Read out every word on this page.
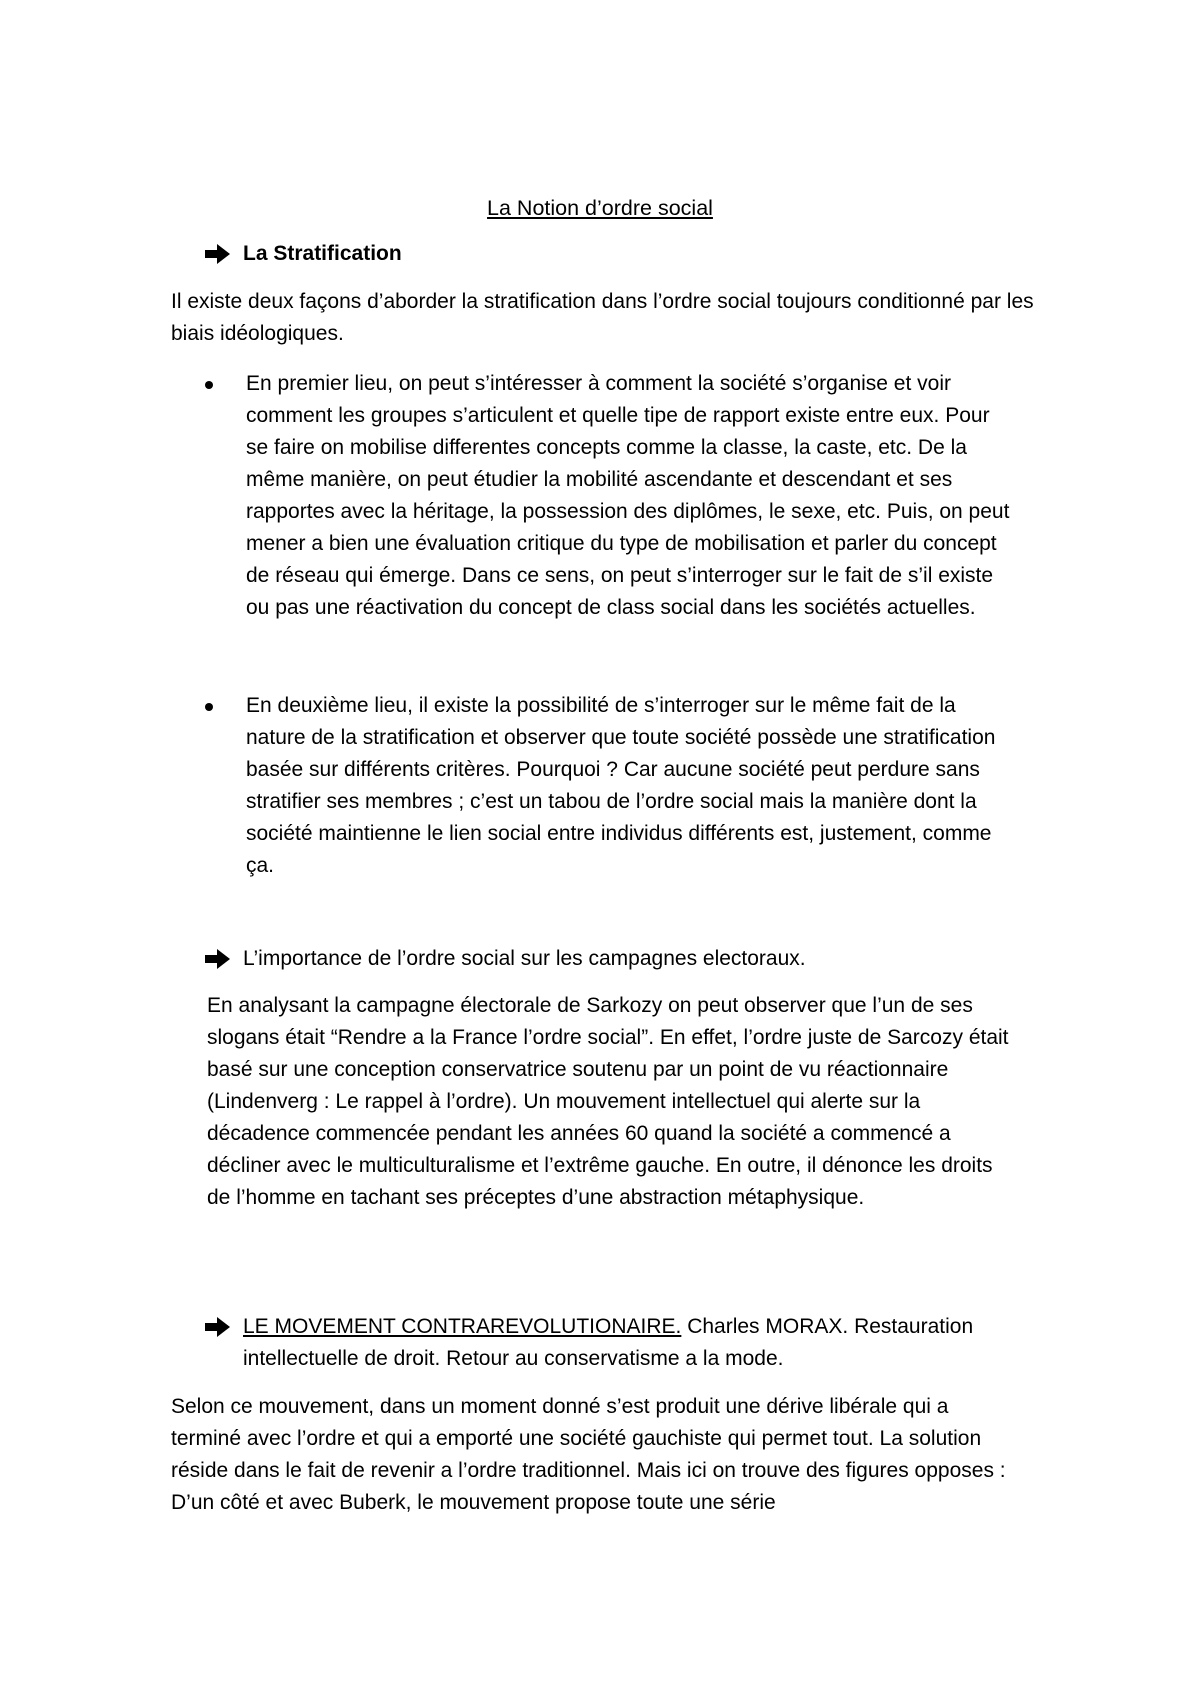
La Notion d’ordre social
La Stratification

Il existe deux façons d’aborder la stratification dans l’ordre social toujours conditionné par les biais idéologiques.

En premier lieu, on peut s’intéresser à comment la société s’organise et voir comment les groupes s’articulent et quelle tipe de rapport existe entre eux. Pour se faire on mobilise differentes concepts comme la classe, la caste, etc. De la même manière, on peut étudier la mobilité ascendante et descendant et ses rapportes avec la héritage, la possession des diplômes, le sexe, etc. Puis, on peut mener a bien une évaluation critique du type de mobilisation et parler du concept de réseau qui émerge. Dans ce sens, on peut s’interroger sur le fait de s’il existe ou pas une réactivation du concept de class social dans les sociétés actuelles.

En deuxième lieu, il existe la possibilité de s’interroger sur le même fait de la nature de la stratification et observer que toute société possède une stratification basée sur différents critères. Pourquoi ? Car aucune société peut perdure sans stratifier ses membres ; c’est un tabou de l’ordre social mais la manière dont la société maintienne le lien social entre individus différents est, justement, comme ça.

L’importance de l’ordre social sur les campagnes electoraux.

En analysant la campagne électorale de Sarkozy on peut observer que l’un de ses slogans était “Rendre a la France l’ordre social”. En effet, l’ordre juste de Sarcozy était basé sur une conception conservatrice soutenu par un point de vu réactionnaire (Lindenverg : Le rappel à l’ordre). Un mouvement intellectuel qui alerte sur la décadence commencée pendant les années 60 quand la société a commencé a décliner avec le multiculturalisme et l’extrême gauche. En outre, il dénonce les droits de l’homme en tachant ses préceptes d’une abstraction métaphysique.

LE MOVEMENT CONTRAREVOLUTIONAIRE. Charles MORAX. Restauration intellectuelle de droit. Retour au conservatisme a la mode.

Selon ce mouvement, dans un moment donné s’est produit une dérive libérale qui a terminé avec l’ordre et qui a emporté une société gauchiste qui permet tout. La solution réside dans le fait de revenir a l’ordre traditionnel. Mais ici on trouve des figures opposes : D’un côté et avec Buberk, le mouvement propose toute une série
